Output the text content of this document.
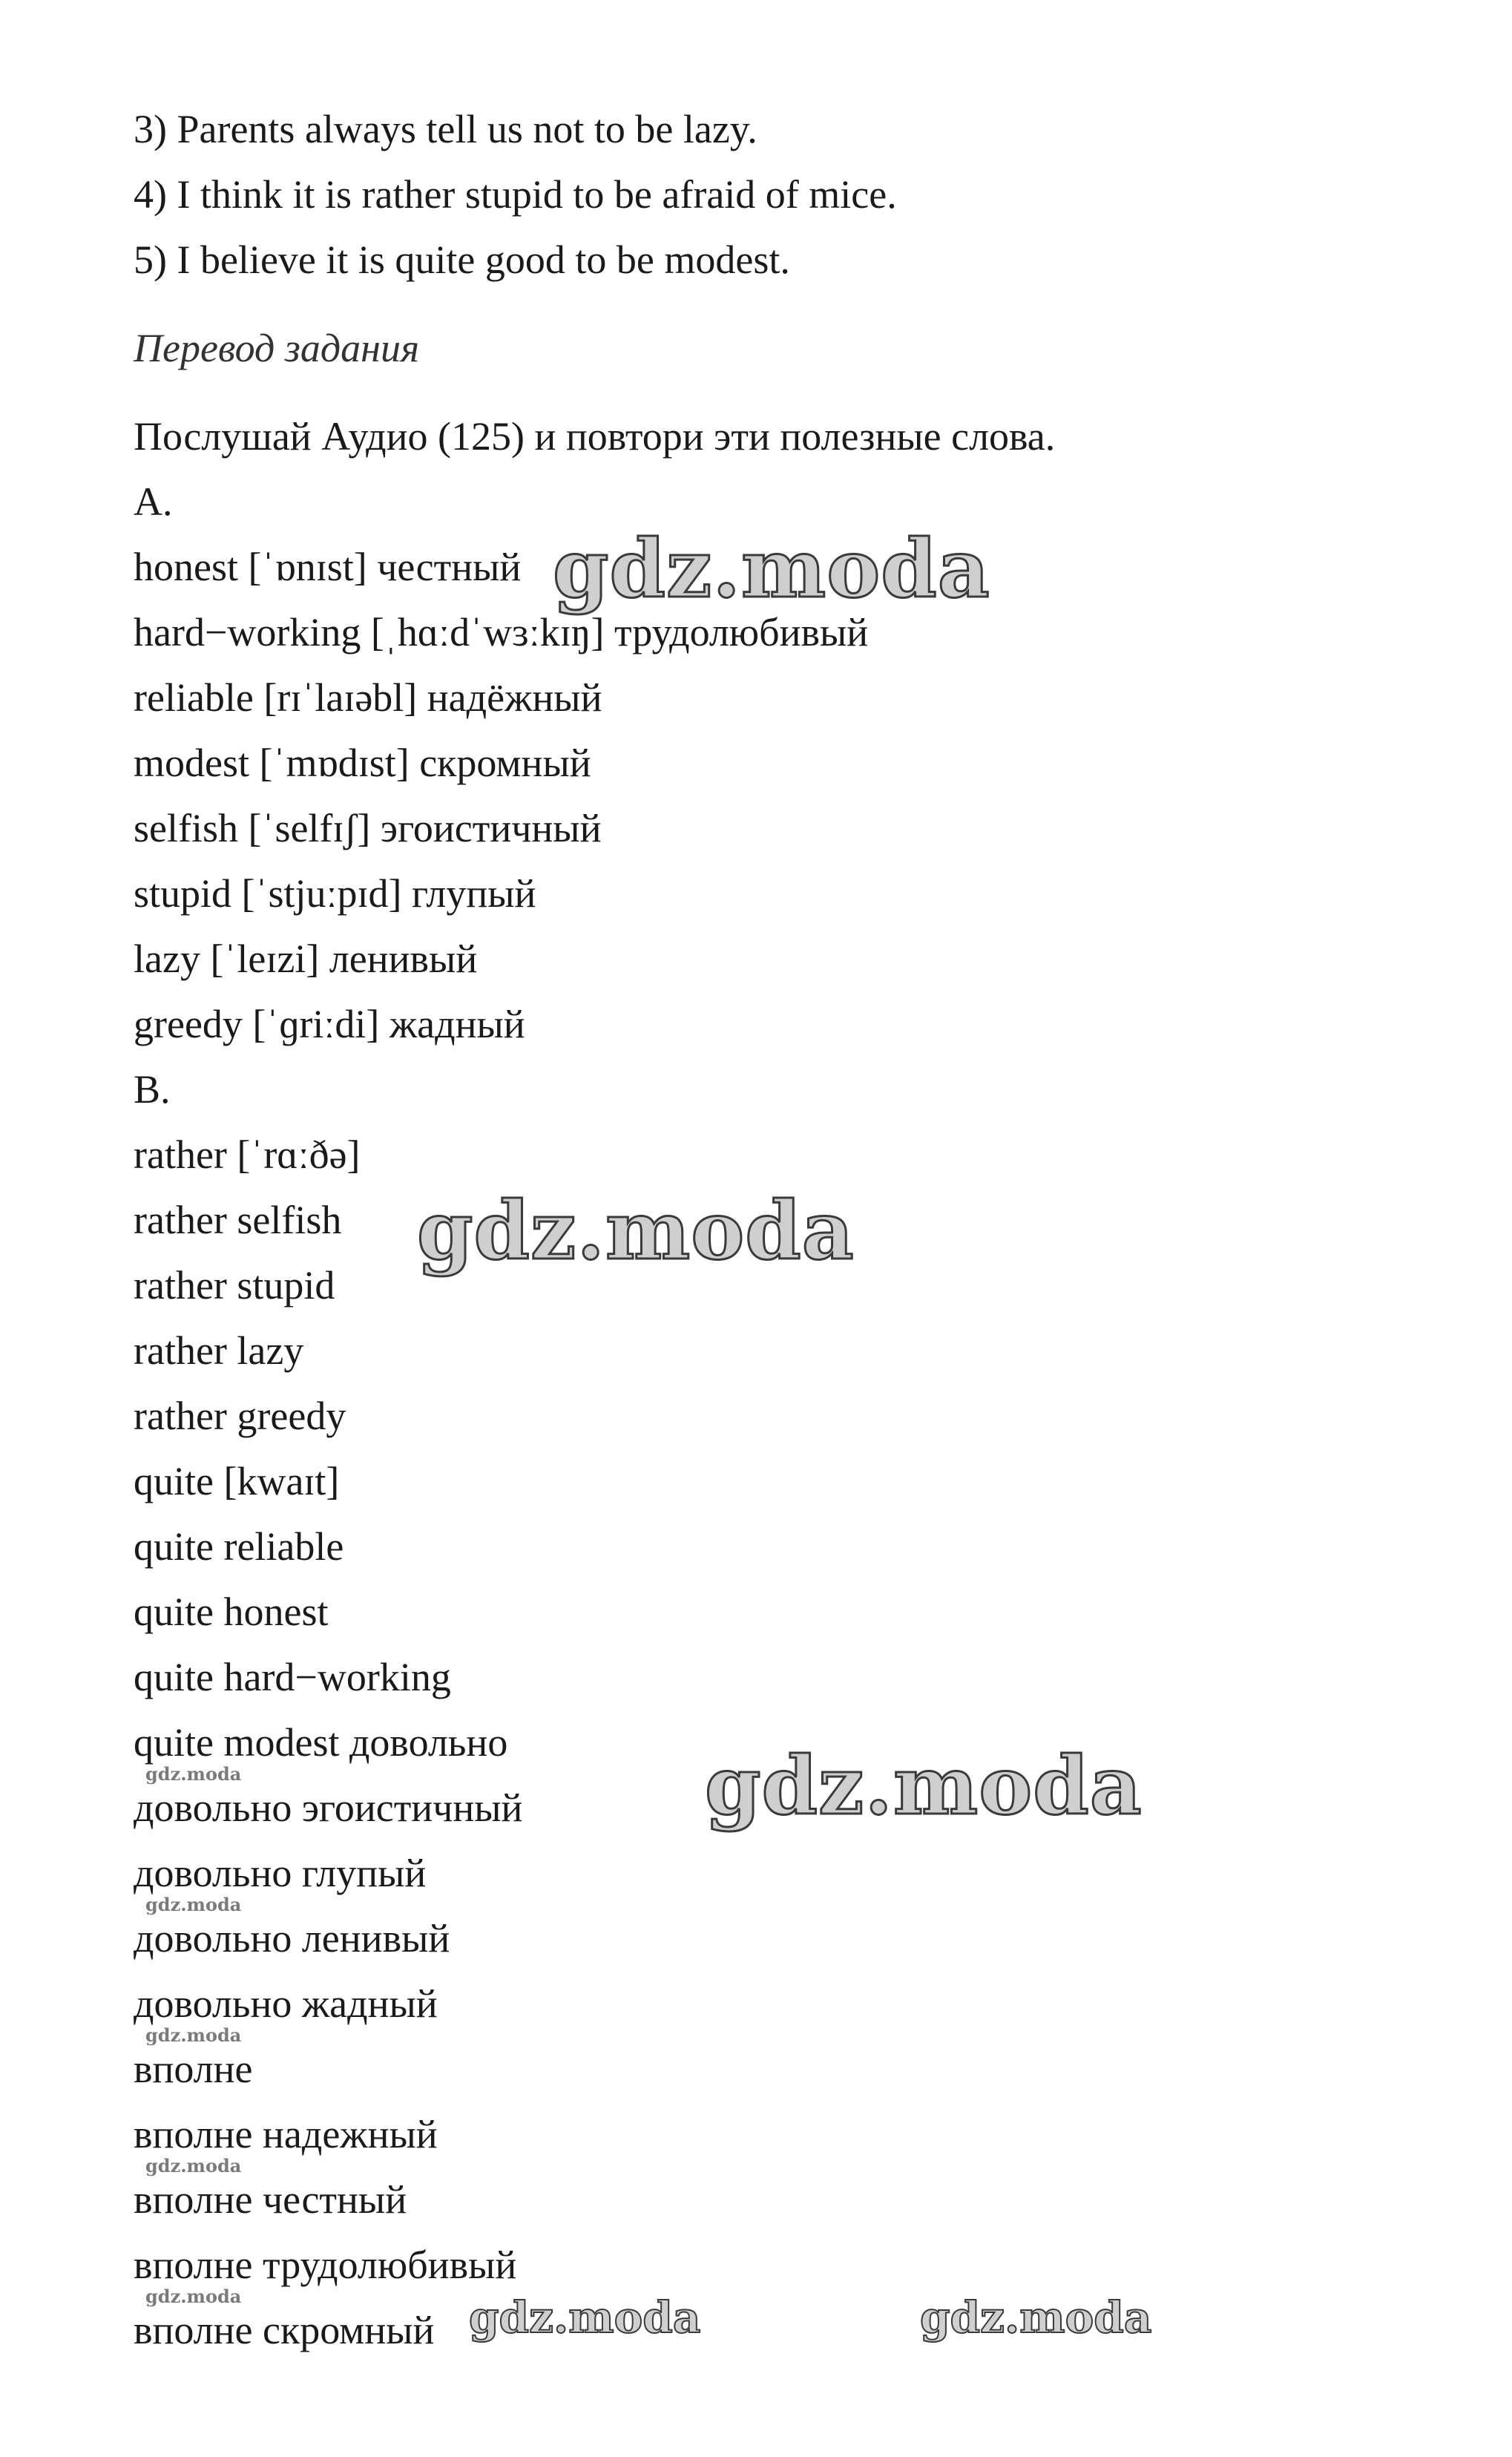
3) Parents always tell us not to be lazy.
4) I think it is rather stupid to be afraid of mice.
5) I believe it is quite good to be modest.
Перевод задания
Послушай Аудио (125) и повтори эти полезные слова.
A.
honest [ˈɒnɪst] честный
hard−working [ˌhɑːdˈwɜːkɪŋ] трудолюбивый
reliable [rɪˈlaɪəbl] надёжный
modest [ˈmɒdɪst] скромный
selfish [ˈselfɪʃ] эгоистичный
stupid [ˈstjuːpɪd] глупый
lazy [ˈleɪzi] ленивый
greedy [ˈɡriːdi] жадный
B.
rather [ˈrɑːðə]
rather selfish
rather stupid
rather lazy
rather greedy
quite [kwaɪt]
quite reliable
quite honest
quite hard−working
quite modest довольно
довольно эгоистичный
довольно глупый
довольно ленивый
довольно жадный
вполне
вполне надежный
вполне честный
вполне трудолюбивый
вполне скромный
gdz.moda
gdz.moda
gdz.moda
gdz.moda	gdz.moda
gdz.moda
gdz.moda
gdz.moda
gdz.moda
gdz.moda
